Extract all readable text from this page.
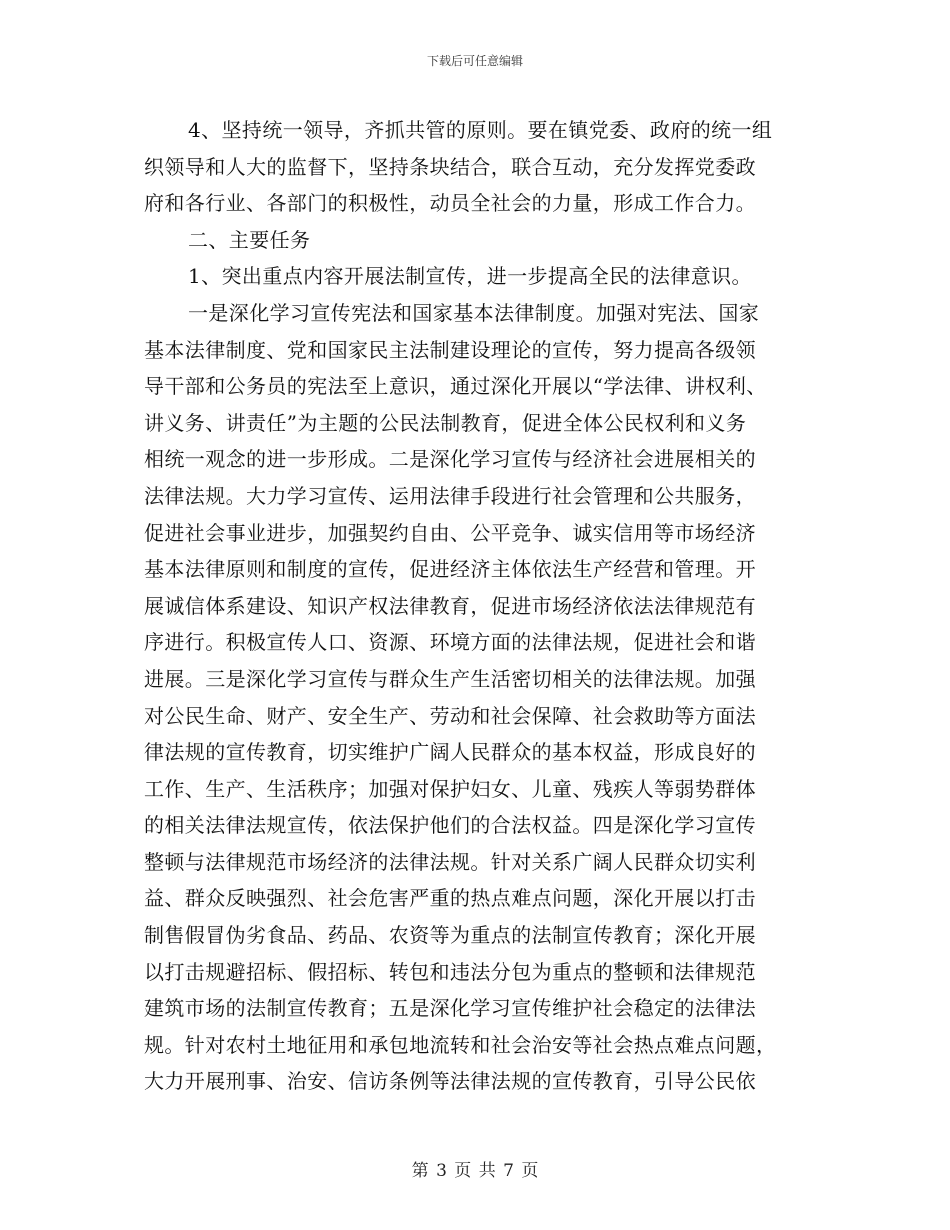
下载后可任意编辑
4、坚持统一领导，齐抓共管的原则。要在镇党委、政府的统一组
织领导和人大的监督下，坚持条块结合，联合互动，充分发挥党委政
府和各行业、各部门的积极性，动员全社会的力量，形成工作合力。
二、主要任务
1、突出重点内容开展法制宣传，进一步提高全民的法律意识。
一是深化学习宣传宪法和国家基本法律制度。加强对宪法、国家
基本法律制度、党和国家民主法制建设理论的宣传，努力提高各级领
导干部和公务员的宪法至上意识，通过深化开展以“学法律、讲权利、
讲义务、讲责任”为主题的公民法制教育，促进全体公民权利和义务
相统一观念的进一步形成。二是深化学习宣传与经济社会进展相关的
法律法规。大力学习宣传、运用法律手段进行社会管理和公共服务，
促进社会事业进步，加强契约自由、公平竞争、诚实信用等市场经济
基本法律原则和制度的宣传，促进经济主体依法生产经营和管理。开
展诚信体系建设、知识产权法律教育，促进市场经济依法法律规范有
序进行。积极宣传人口、资源、环境方面的法律法规，促进社会和谐
进展。三是深化学习宣传与群众生产生活密切相关的法律法规。加强
对公民生命、财产、安全生产、劳动和社会保障、社会救助等方面法
律法规的宣传教育，切实维护广阔人民群众的基本权益，形成良好的
工作、生产、生活秩序；加强对保护妇女、儿童、残疾人等弱势群体
的相关法律法规宣传，依法保护他们的合法权益。四是深化学习宣传
整顿与法律规范市场经济的法律法规。针对关系广阔人民群众切实利
益、群众反映强烈、社会危害严重的热点难点问题，深化开展以打击
制售假冒伪劣食品、药品、农资等为重点的法制宣传教育；深化开展
以打击规避招标、假招标、转包和违法分包为重点的整顿和法律规范
建筑市场的法制宣传教育；五是深化学习宣传维护社会稳定的法律法
规。针对农村土地征用和承包地流转和社会治安等社会热点难点问题，
大力开展刑事、治安、信访条例等法律法规的宣传教育，引导公民依
第 3 页 共 7 页
